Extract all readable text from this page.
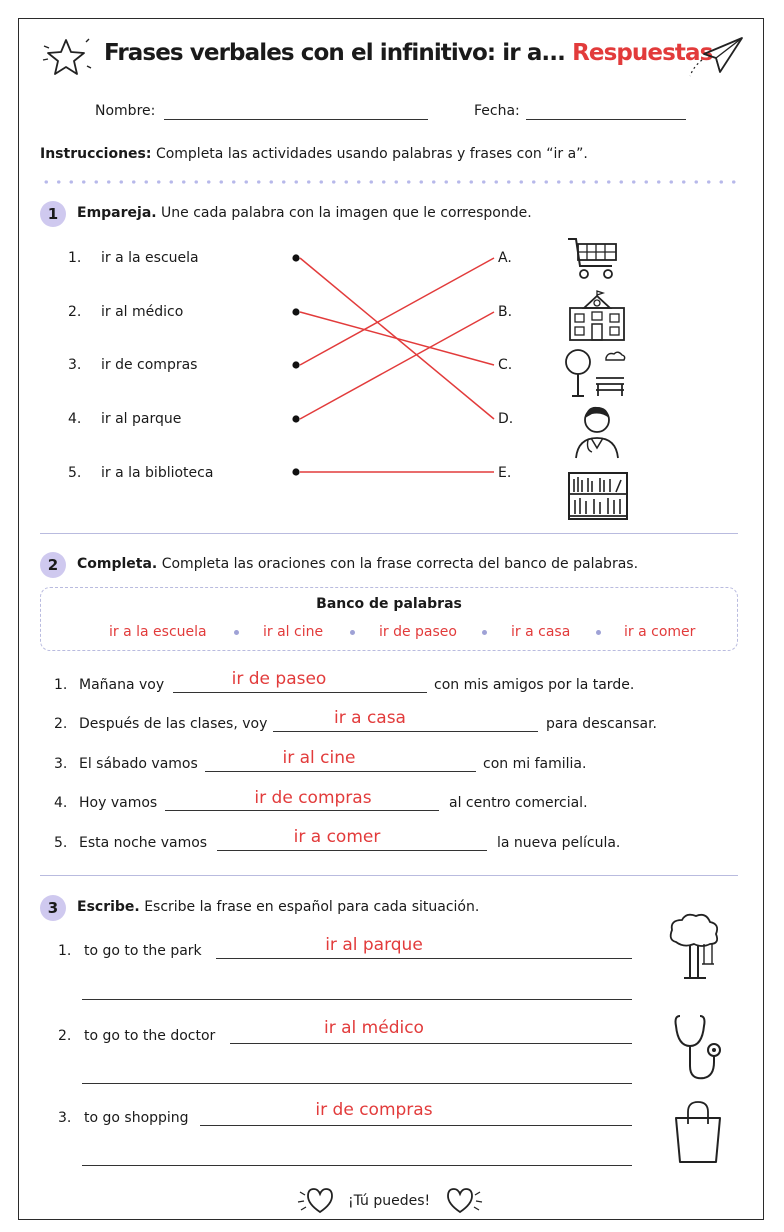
Frases verbales con el infinitivo: ir a... Respuestas
Nombre:	Fecha:
Instrucciones: Completa las actividades usando palabras y frases con “ir a”.
1	Empareja. Une cada palabra con la imagen que le corresponde.
1. ir a la escuela	A.
2. ir al médico	B.
3. ir de compras	C.
4. ir al parque	D.
5. ir a la biblioteca	E.
2	Completa. Completa las oraciones con la frase correcta del banco de palabras.
Banco de palabras
ir a la escuela	ir al cine	ir de paseo	ir a casa	ir a comer
1. Mañana voy	ir de paseo	con mis amigos por la tarde.
2. Después de las clases, voy	ir a casa	para descansar.
3. El sábado vamos	ir al cine	con mi familia.
4. Hoy vamos	ir de compras	al centro comercial.
5. Esta noche vamos	ir a comer	la nueva película.
3	Escribe. Escribe la frase en español para cada situación.
1. to go to the park	ir al parque
2. to go to the doctor	ir al médico
3. to go shopping	ir de compras
¡Tú puedes!
